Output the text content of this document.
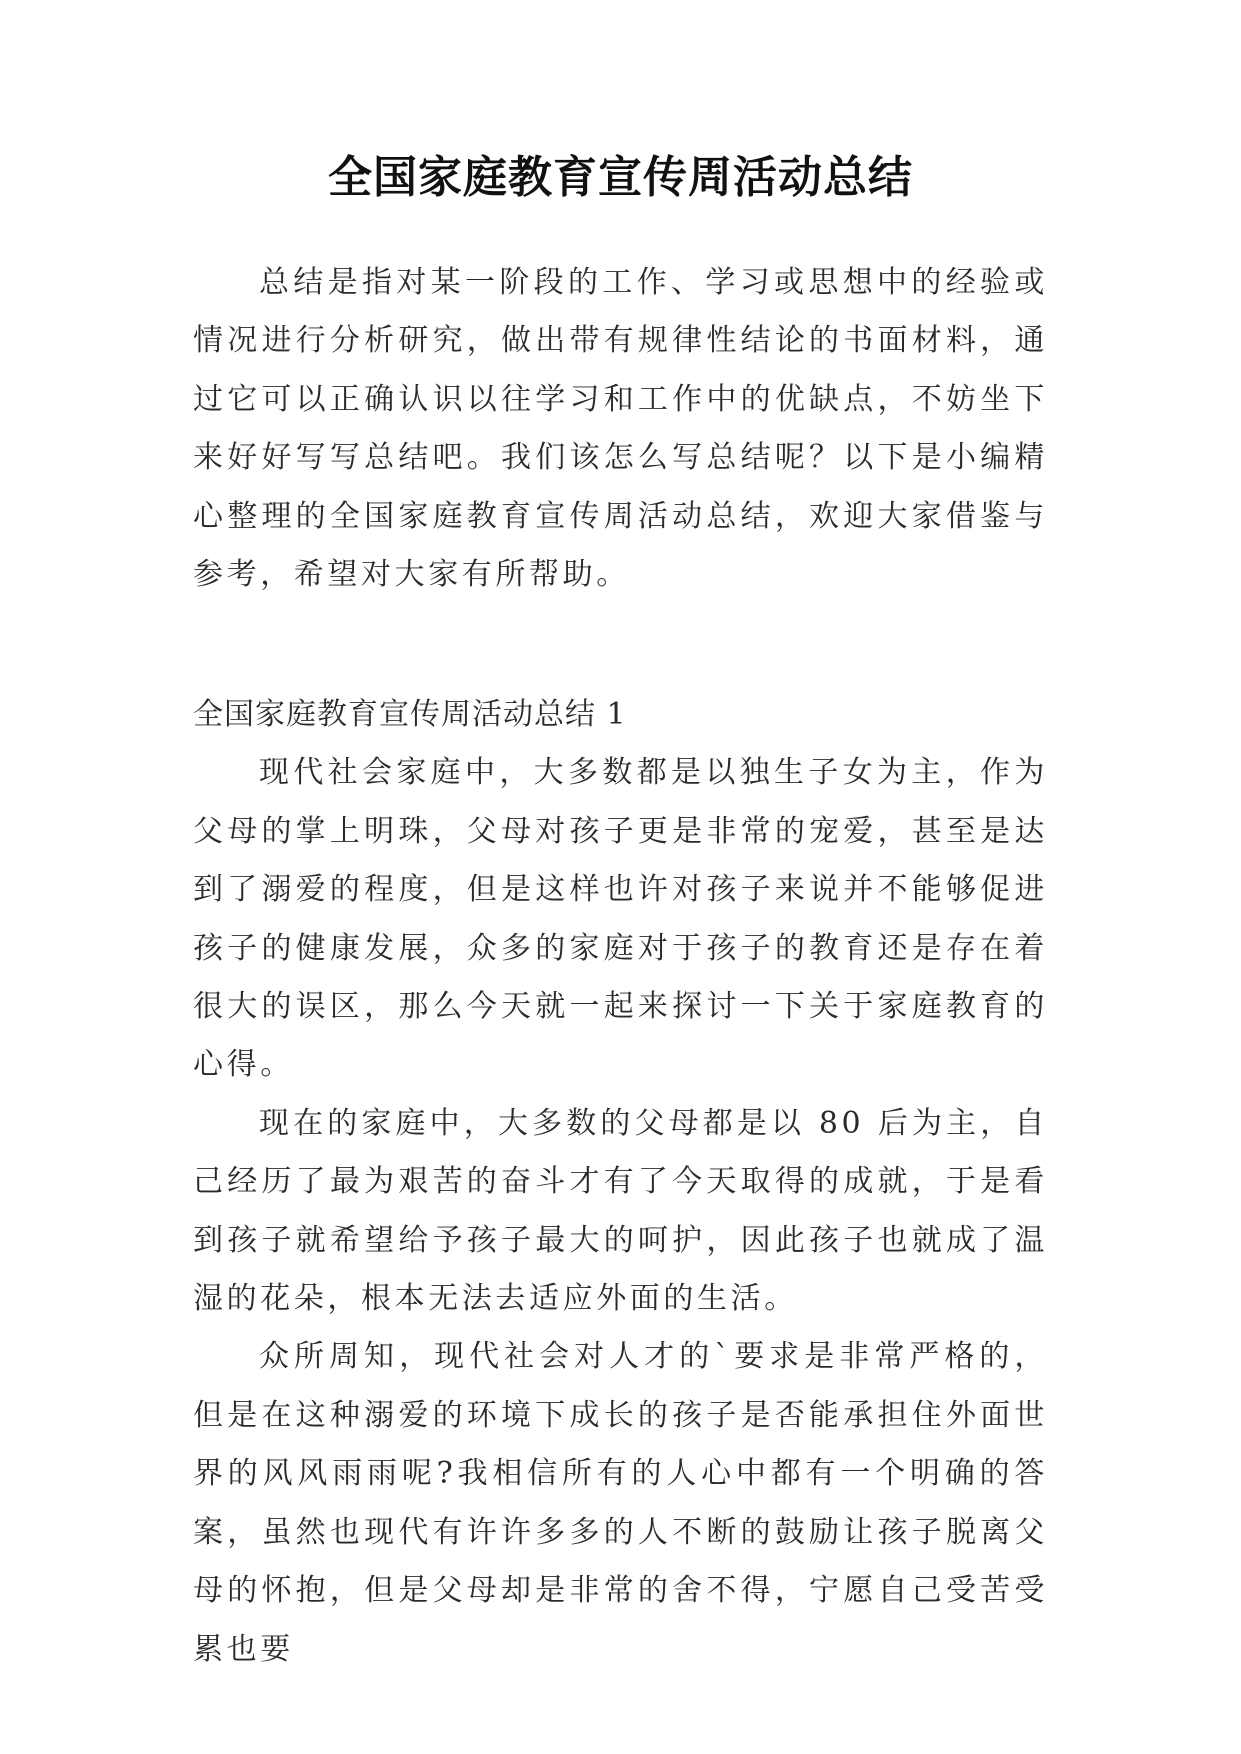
全国家庭教育宣传周活动总结

总结是指对某一阶段的工作、学习或思想中的经验或情况进行分析研究，做出带有规律性结论的书面材料，通过它可以正确认识以往学习和工作中的优缺点，不妨坐下来好好写写总结吧。我们该怎么写总结呢？以下是小编精心整理的全国家庭教育宣传周活动总结，欢迎大家借鉴与参考，希望对大家有所帮助。

全国家庭教育宣传周活动总结 1

现代社会家庭中，大多数都是以独生子女为主，作为父母的掌上明珠，父母对孩子更是非常的宠爱，甚至是达到了溺爱的程度，但是这样也许对孩子来说并不能够促进孩子的健康发展，众多的家庭对于孩子的教育还是存在着很大的误区，那么今天就一起来探讨一下关于家庭教育的心得。

现在的家庭中，大多数的父母都是以 80 后为主，自己经历了最为艰苦的奋斗才有了今天取得的成就，于是看到孩子就希望给予孩子最大的呵护，因此孩子也就成了温湿的花朵，根本无法去适应外面的生活。

众所周知，现代社会对人才的`要求是非常严格的，但是在这种溺爱的环境下成长的孩子是否能承担住外面世界的风风雨雨呢?我相信所有的人心中都有一个明确的答案，虽然也现代有许许多多的人不断的鼓励让孩子脱离父母的怀抱，但是父母却是非常的舍不得，宁愿自己受苦受累也要
